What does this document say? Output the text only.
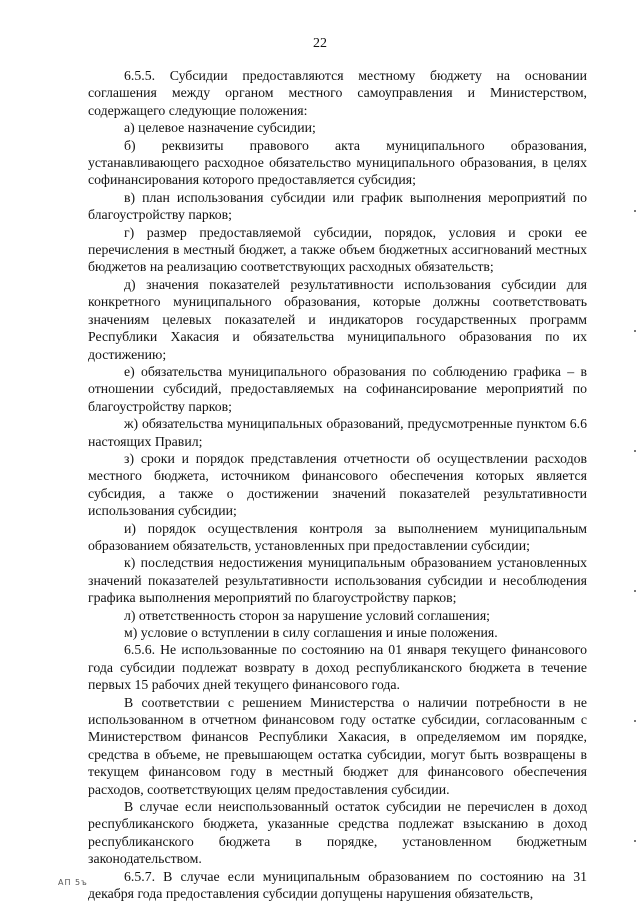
22

6.5.5. Субсидии предоставляются местному бюджету на основании соглашения между органом местного самоуправления и Министерством, содержащего следующие положения:

а) целевое назначение субсидии;

б) реквизиты правового акта муниципального образования, устанавливающего расходное обязательство муниципального образования, в целях софинансирования которого предоставляется субсидия;

в) план использования субсидии или график выполнения мероприятий по благоустройству парков;

г) размер предоставляемой субсидии, порядок, условия и сроки ее перечисления в местный бюджет, а также объем бюджетных ассигнований местных бюджетов на реализацию соответствующих расходных обязательств;

д) значения показателей результативности использования субсидии для конкретного муниципального образования, которые должны соответствовать значениям целевых показателей и индикаторов государственных программ Республики Хакасия и обязательства муниципального образования по их достижению;

е) обязательства муниципального образования по соблюдению графика – в отношении субсидий, предоставляемых на софинансирование мероприятий по благоустройству парков;

ж) обязательства муниципальных образований, предусмотренные пунктом 6.6 настоящих Правил;

з) сроки и порядок представления отчетности об осуществлении расходов местного бюджета, источником финансового обеспечения которых является субсидия, а также о достижении значений показателей результативности использования субсидии;

и) порядок осуществления контроля за выполнением муниципальным образованием обязательств, установленных при предоставлении субсидии;

к) последствия недостижения муниципальным образованием установленных значений показателей результативности использования субсидии и несоблюдения графика выполнения мероприятий по благоустройству парков;

л) ответственность сторон за нарушение условий соглашения;

м) условие о вступлении в силу соглашения и иные положения.

6.5.6. Не использованные по состоянию на 01 января текущего финансового года субсидии подлежат возврату в доход республиканского бюджета в течение первых 15 рабочих дней текущего финансового года.

В соответствии с решением Министерства о наличии потребности в не использованном в отчетном финансовом году остатке субсидии, согласованным с Министерством финансов Республики Хакасия, в определяемом им порядке, средства в объеме, не превышающем остатка субсидии, могут быть возвращены в текущем финансовом году в местный бюджет для финансового обеспечения расходов, соответствующих целям предоставления субсидии.

В случае если неиспользованный остаток субсидии не перечислен в доход республиканского бюджета, указанные средства подлежат взысканию в доход республиканского бюджета в порядке, установленном бюджетным законодательством.

6.5.7. В случае если муниципальным образованием по состоянию на 31 декабря года предоставления субсидии допущены нарушения обязательств,

АП 5ъ
